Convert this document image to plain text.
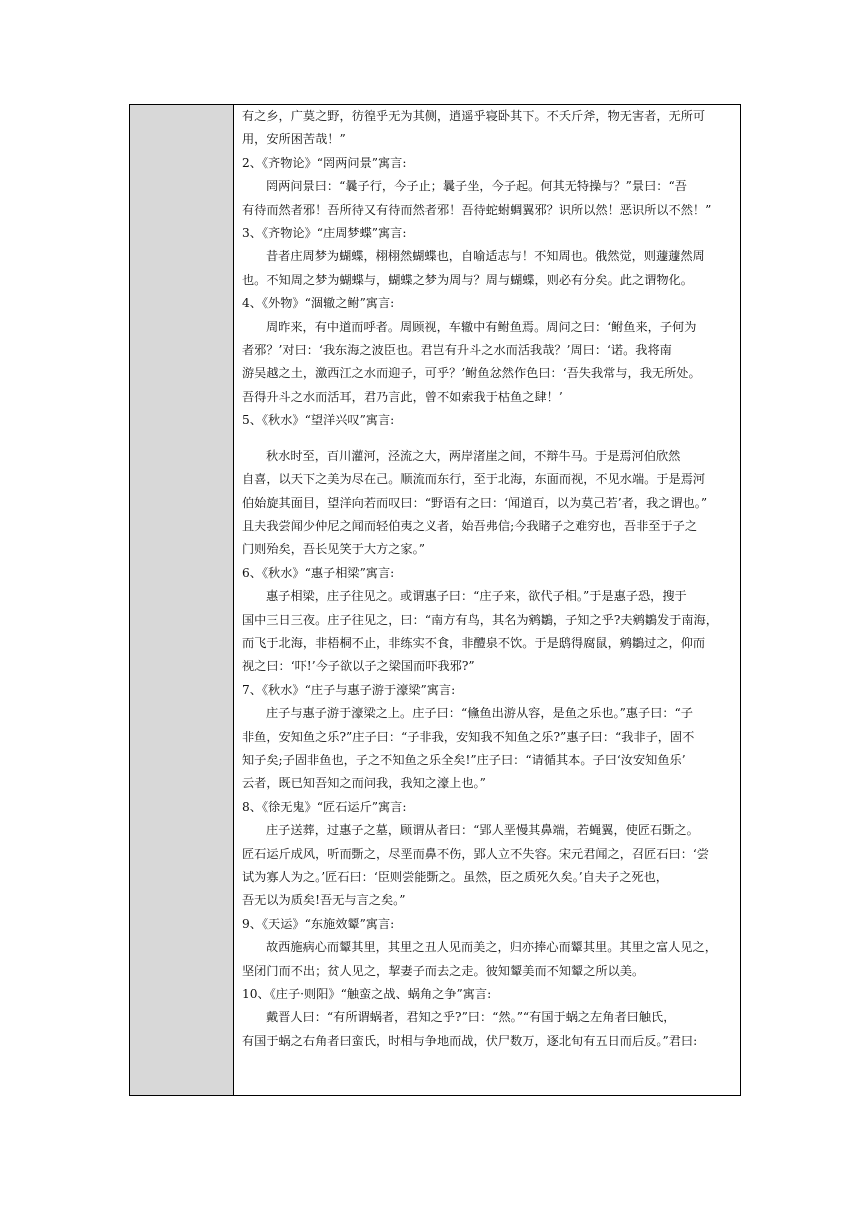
有之乡，广莫之野，彷徨乎无为其侧，逍遥乎寝卧其下。不夭斤斧，物无害者，无所可
用，安所困苦哉！”
2、《齐物论》“罔两问景”寓言:
罔两问景曰：“曩子行，今子止；曩子坐，今子起。何其无特操与？”景曰：“吾
有待而然者邪！吾所待又有待而然者邪！吾待蛇蚹蜩翼邪？识所以然！恶识所以不然！”
3、《齐物论》“庄周梦蝶”寓言:
昔者庄周梦为蝴蝶，栩栩然蝴蝶也，自喻适志与！不知周也。俄然觉，则蘧蘧然周
也。不知周之梦为蝴蝶与，蝴蝶之梦为周与？周与蝴蝶，则必有分矣。此之谓物化。
4、《外物》“涸辙之鲋”寓言:
周昨来，有中道而呼者。周顾视，车辙中有鲋鱼焉。周问之曰：‘鲋鱼来，子何为
者邪？’对曰：‘我东海之波臣也。君岂有升斗之水而活我哉？’周曰：‘诺。我将南
游吴越之土，激西江之水而迎子，可乎？’鲋鱼忿然作色曰：‘吾失我常与，我无所处。
吾得升斗之水而活耳，君乃言此，曾不如索我于枯鱼之肆！’
5、《秋水》“望洋兴叹”寓言:
秋水时至，百川灌河，泾流之大，两岸渚崖之间，不辩牛马。于是焉河伯欣然
自喜，以天下之美为尽在己。顺流而东行，至于北海，东面而视，不见水端。于是焉河
伯始旋其面目，望洋向若而叹曰：“野语有之曰：‘闻道百，以为莫己若’者，我之谓也。”
且夫我尝闻少仲尼之闻而轻伯夷之义者，始吾弗信;今我睹子之难穷也，吾非至于子之
门则殆矣，吾长见笑于大方之家。”
6、《秋水》“惠子相梁”寓言:
惠子相梁，庄子往见之。或谓惠子曰：“庄子来，欲代子相。”于是惠子恐，搜于
国中三日三夜。庄子往见之，曰：“南方有鸟，其名为鹓鶵，子知之乎?夫鹓鶵发于南海，
而飞于北海，非梧桐不止，非练实不食，非醴泉不饮。于是鸱得腐鼠，鹓鶵过之，仰而
视之曰：‘吓!’今子欲以子之梁国而吓我邪?”
7、《秋水》“庄子与惠子游于濠梁”寓言:
庄子与惠子游于濠梁之上。庄子曰：“儵鱼出游从容，是鱼之乐也。”惠子曰：“子
非鱼，安知鱼之乐?”庄子曰：“子非我，安知我不知鱼之乐?”惠子曰：“我非子，固不
知子矣;子固非鱼也，子之不知鱼之乐全矣!”庄子曰：“请循其本。子曰‘汝安知鱼乐’
云者，既已知吾知之而问我，我知之濠上也。”
8、《徐无鬼》“匠石运斤”寓言:
庄子送葬，过惠子之墓，顾谓从者曰：“郢人垩慢其鼻端，若蝇翼，使匠石斲之。
匠石运斤成风，听而斲之，尽垩而鼻不伤，郢人立不失容。宋元君闻之，召匠石曰：‘尝
试为寡人为之。’匠石曰：‘臣则尝能斲之。虽然，臣之质死久矣。’自夫子之死也，
吾无以为质矣!吾无与言之矣。”
9、《天运》“东施效颦”寓言:
故西施病心而颦其里，其里之丑人见而美之，归亦捧心而颦其里。其里之富人见之，
坚闭门而不出；贫人见之，挈妻子而去之走。彼知颦美而不知颦之所以美。
10、《庄子·则阳》“触蛮之战、蜗角之争”寓言:
戴晋人曰：“有所谓蜗者，君知之乎?”曰：“然。”“有国于蜗之左角者曰触氏，
有国于蜗之右角者曰蛮氏，时相与争地而战，伏尸数万，逐北旬有五日而后反。”君曰:
